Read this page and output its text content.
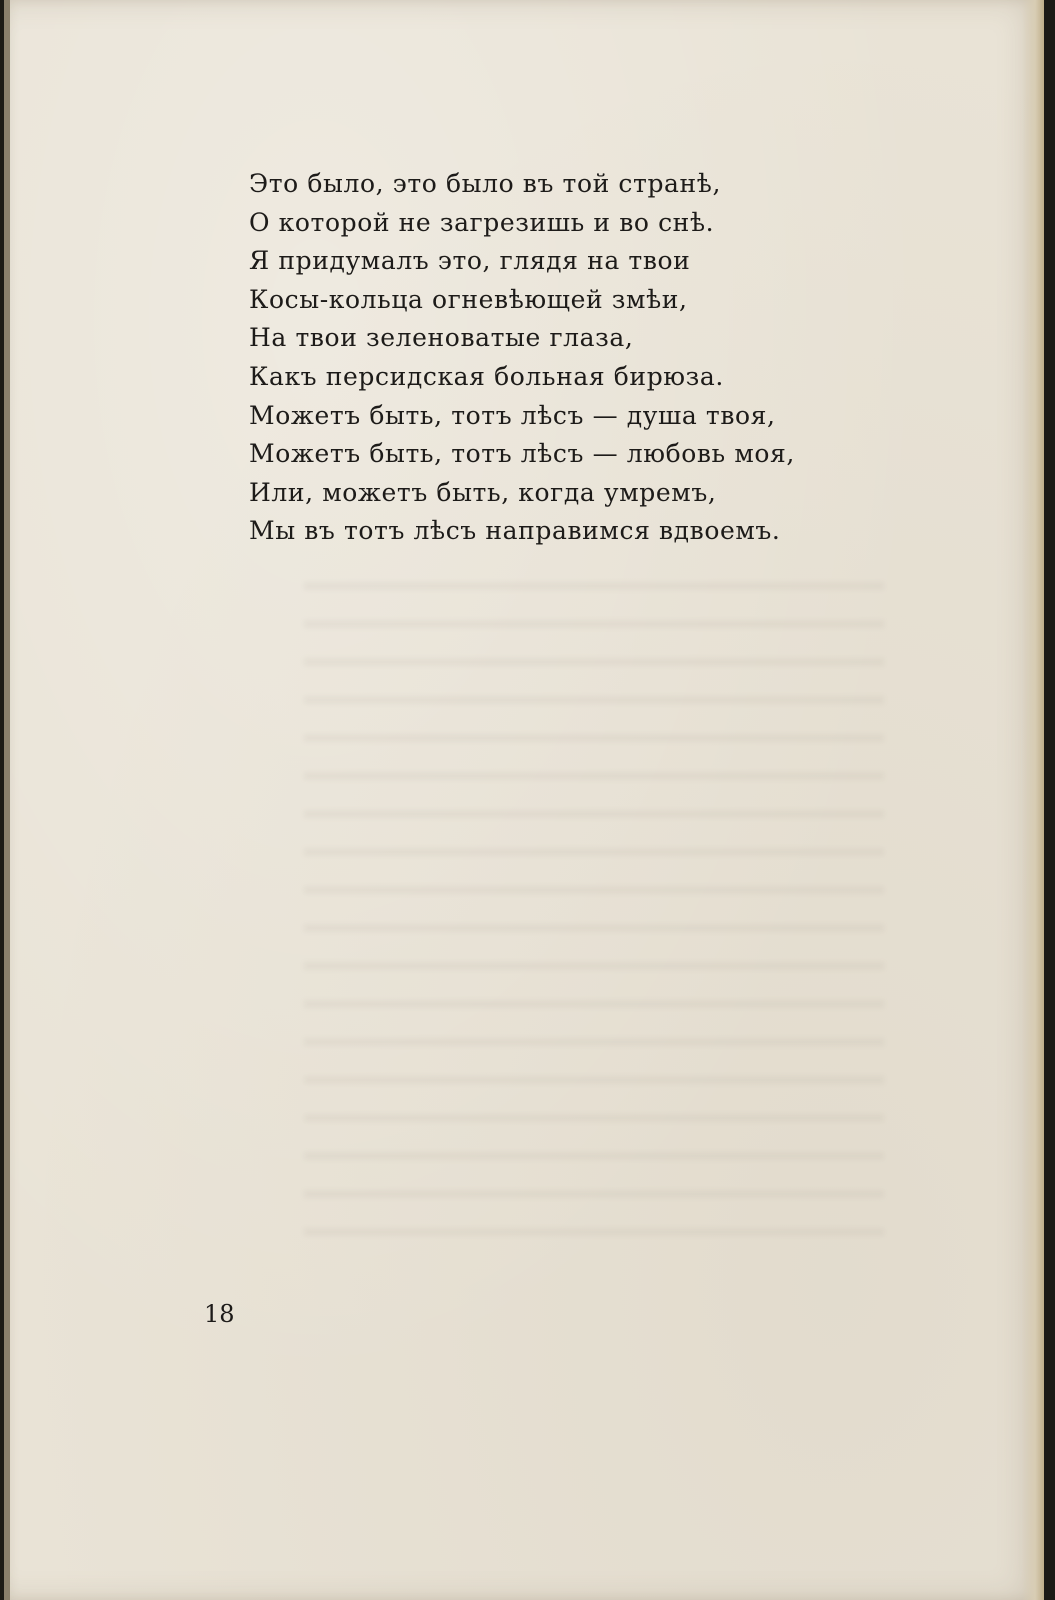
Это было, это было въ той странѣ,
О которой не загрезишь и во снѣ.
Я придумалъ это, глядя на твои
Косы-кольца огневѣющей змѣи,
На твои зеленоватые глаза,
Какъ персидская больная бирюза.
Можетъ быть, тотъ лѣсъ — душа твоя,
Можетъ быть, тотъ лѣсъ — любовь моя,
Или, можетъ быть, когда умремъ,
Мы въ тотъ лѣсъ направимся вдвоемъ.
18
